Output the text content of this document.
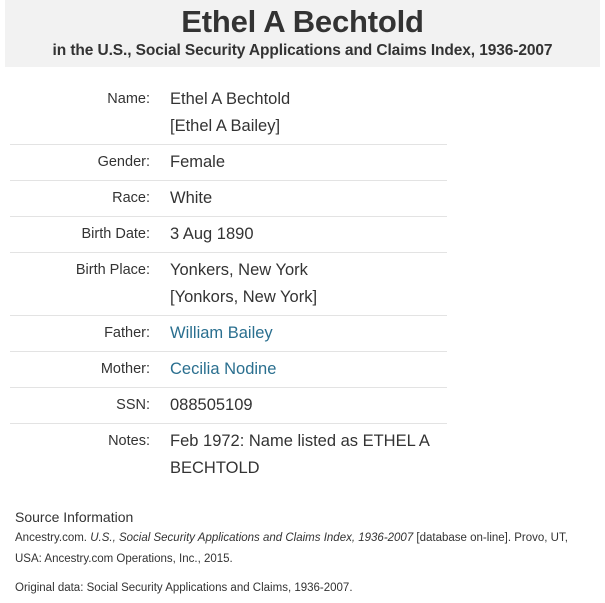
Ethel A Bechtold
in the U.S., Social Security Applications and Claims Index, 1936-2007
Name:	Ethel A Bechtold
[Ethel A Bailey]

Gender:	Female
Race:	White
Birth Date:	3 Aug 1890
Birth Place:	Yonkers, New York
[Yonkors, New York]

Father:	William Bailey
Mother:	Cecilia Nodine
SSN:	088505109
Notes:	Feb 1972: Name listed as ETHEL A
BECHTOLD
Source Information
Ancestry.com. U.S., Social Security Applications and Claims Index, 1936-2007 [database on-line]. Provo, UT, USA: Ancestry.com Operations, Inc., 2015.
Original data: Social Security Applications and Claims, 1936-2007.
